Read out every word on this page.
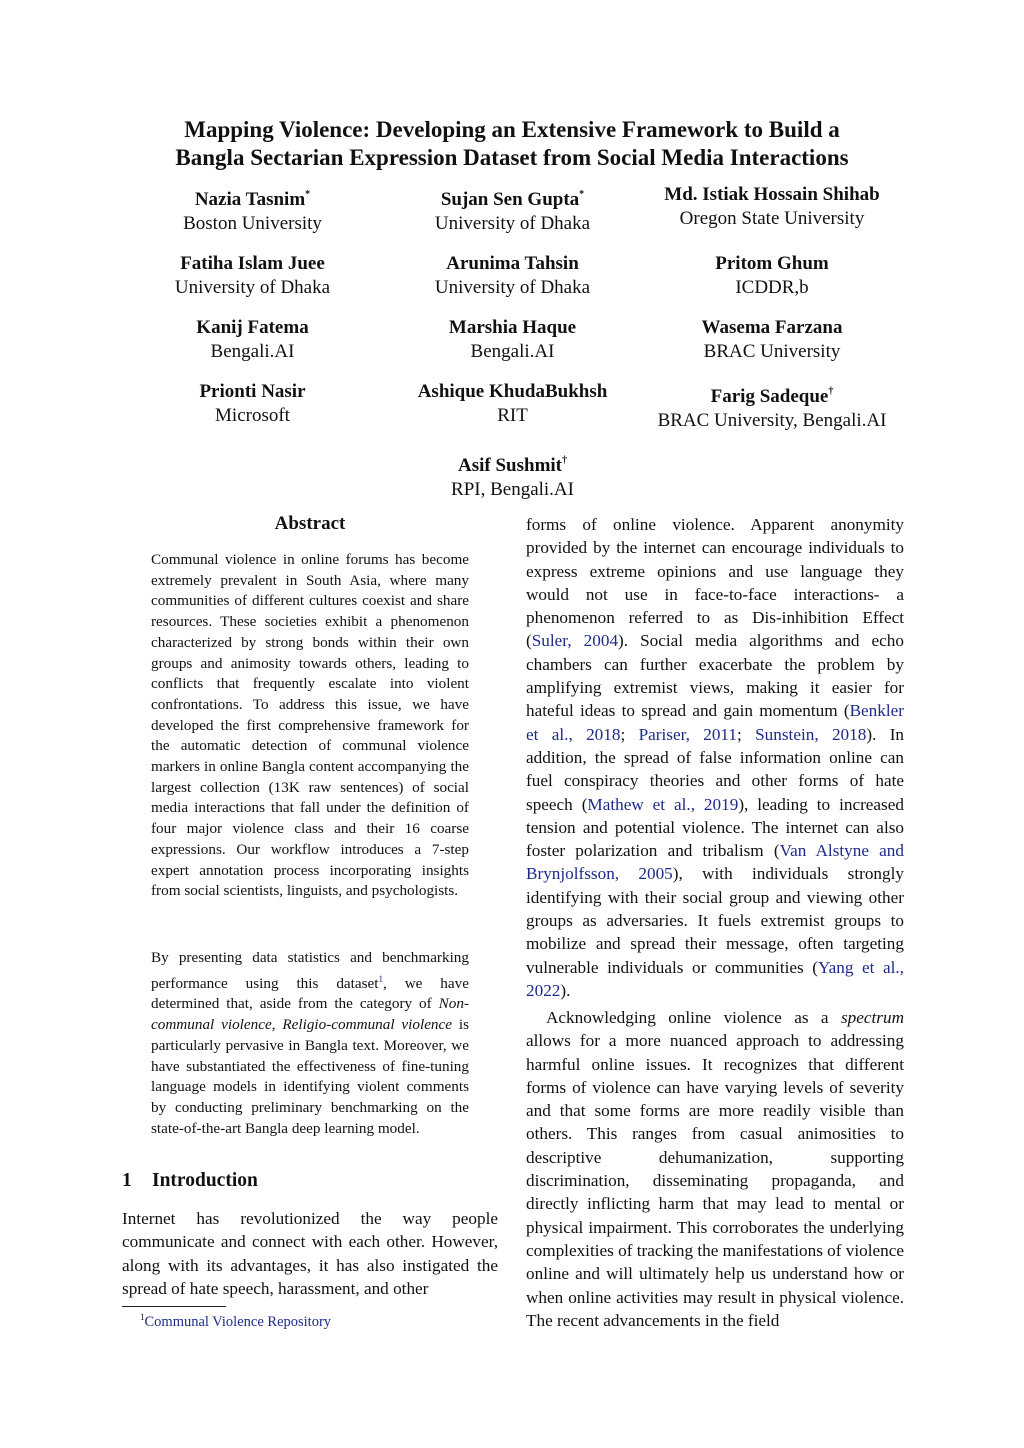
Mapping Violence: Developing an Extensive Framework to Build a
Bangla Sectarian Expression Dataset from Social Media Interactions
Nazia Tasnim*
Boston University
Sujan Sen Gupta*
University of Dhaka
Md. Istiak Hossain Shihab
Oregon State University
Fatiha Islam Juee
University of Dhaka
Arunima Tahsin
University of Dhaka
Pritom Ghum
ICDDR,b
Kanij Fatema
Bengali.AI
Marshia Haque
Bengali.AI
Wasema Farzana
BRAC University
Prionti Nasir
Microsoft
Ashique KhudaBukhsh
RIT
Farig Sadeque†
BRAC University, Bengali.AI
Asif Sushmit†
RPI, Bengali.AI
Abstract

Communal violence in online forums has become extremely prevalent in South Asia, where many communities of different cultures coexist and share resources. These societies exhibit a phenomenon characterized by strong bonds within their own groups and animosity towards others, leading to conflicts that frequently escalate into violent confrontations. To address this issue, we have developed the first comprehensive framework for the automatic detection of communal violence markers in online Bangla content accompanying the largest collection (13K raw sentences) of social media interactions that fall under the definition of four major violence class and their 16 coarse expressions. Our workflow introduces a 7-step expert annotation process incorporating insights from social scientists, linguists, and psychologists.

By presenting data statistics and benchmarking performance using this dataset$^1$, we have determined that, aside from the category of Non-communal violence, Religio-communal violence is particularly pervasive in Bangla text. Moreover, we have substantiated the effectiveness of fine-tuning language models in identifying violent comments by conducting preliminary benchmarking on the state-of-the-art Bangla deep learning model.

1 Introduction

Internet has revolutionized the way people communicate and connect with each other. However, along with its advantages, it has also instigated the spread of hate speech, harassment, and other

$^1$Communal Violence Repository

forms of online violence. Apparent anonymity provided by the internet can encourage individuals to express extreme opinions and use language they would not use in face-to-face interactions- a phenomenon referred to as Dis-inhibition Effect (Suler, 2004). Social media algorithms and echo chambers can further exacerbate the problem by amplifying extremist views, making it easier for hateful ideas to spread and gain momentum (Benkler et al., 2018; Pariser, 2011; Sunstein, 2018). In addition, the spread of false information online can fuel conspiracy theories and other forms of hate speech (Mathew et al., 2019), leading to increased tension and potential violence. The internet can also foster polarization and tribalism (Van Alstyne and Brynjolfsson, 2005), with individuals strongly identifying with their social group and viewing other groups as adversaries. It fuels extremist groups to mobilize and spread their message, often targeting vulnerable individuals or communities (Yang et al., 2022).

Acknowledging online violence as a spectrum allows for a more nuanced approach to addressing harmful online issues. It recognizes that different forms of violence can have varying levels of severity and that some forms are more readily visible than others. This ranges from casual animosities to descriptive dehumanization, supporting discrimination, disseminating propaganda, and directly inflicting harm that may lead to mental or physical impairment. This corroborates the underlying complexities of tracking the manifestations of violence online and will ultimately help us understand how or when online activities may result in physical violence. The recent advancements in the field
